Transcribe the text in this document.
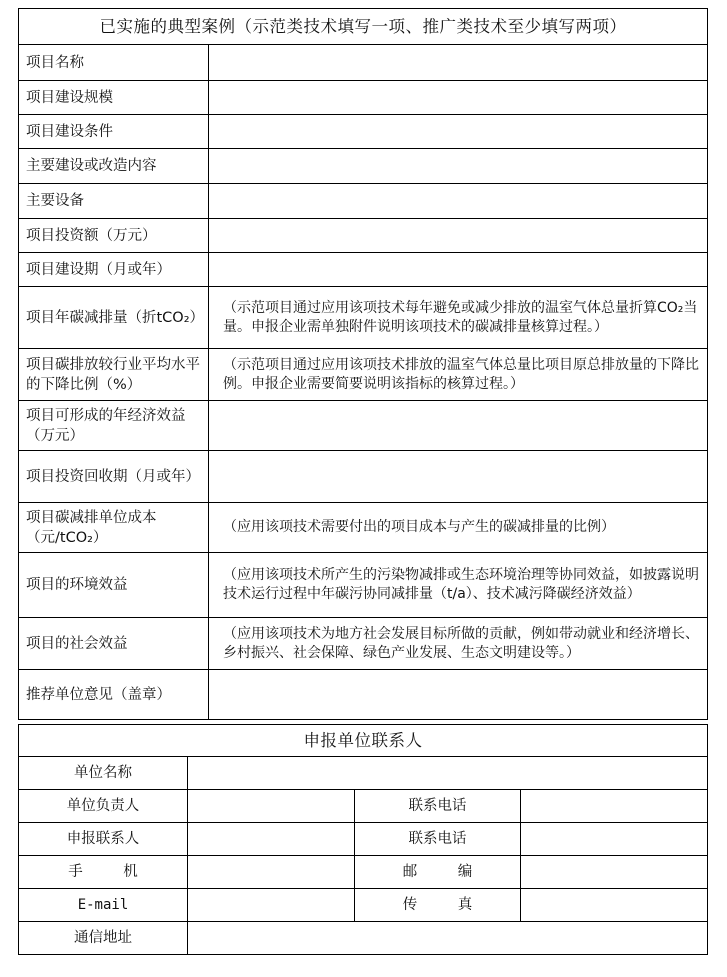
已实施的典型案例（示范类技术填写一项、推广类技术至少填写两项）	
项目名称	
项目建设规模	
项目建设条件	
主要建设或改造内容	
主要设备	
项目投资额（万元）	
项目建设期（月或年）	
项目年碳减排量（折tCO₂）	（示范项目通过应用该项技术每年避免或减少排放的温室气体总量折算CO₂当量。申报企业需单独附件说明该项技术的碳减排量核算过程。）
项目碳排放较行业平均水平的下降比例（%）	（示范项目通过应用该项技术排放的温室气体总量比项目原总排放量的下降比例。申报企业需要简要说明该指标的核算过程。）
项目可形成的年经济效益（万元）	
项目投资回收期（月或年）	
项目碳减排单位成本（元/tCO₂）	（应用该项技术需要付出的项目成本与产生的碳减排量的比例）
项目的环境效益	（应用该项技术所产生的污染物减排或生态环境治理等协同效益，如披露说明技术运行过程中年碳污协同减排量（t/a）、技术减污降碳经济效益）
项目的社会效益	（应用该项技术为地方社会发展目标所做的贡献，例如带动就业和经济增长、乡村振兴、社会保障、绿色产业发展、生态文明建设等。）
推荐单位意见（盖章）	
申报单位联系人			
单位名称			
单位负责人		联系电话	
申报联系人		联系电话	
手 机		邮 编	
E-mail		传 真	
通信地址			
